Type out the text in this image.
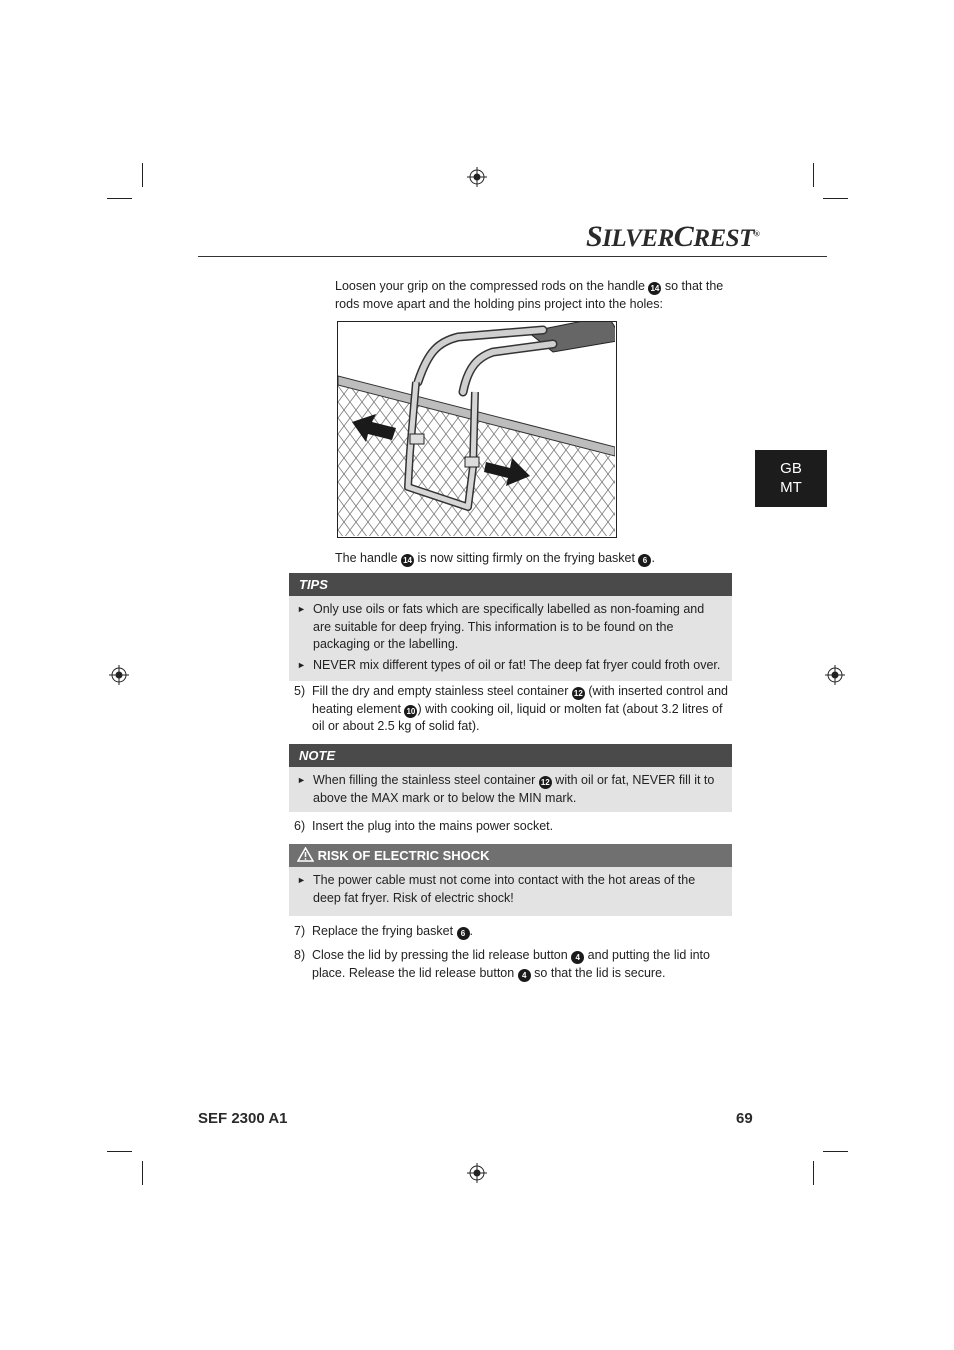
SILVERCREST®
GB
MT
Loosen your grip on the compressed rods on the handle 14 so that the rods move apart and the holding pins project into the holes:
The handle 14 is now sitting firmly on the frying basket 6 .
TIPS
► Only use oils or fats which are specifically labelled as non-foaming and are suitable for deep frying. This information is to be found on the packaging or the labelling.
► NEVER mix different types of oil or fat! The deep fat fryer could froth over.
5) Fill the dry and empty stainless steel container 12 (with inserted control and heating element 10 ) with cooking oil, liquid or molten fat (about 3.2 litres of oil or about 2.5 kg of solid fat).
NOTE
► When filling the stainless steel container 12 with oil or fat, NEVER fill it to above the MAX mark or to below the MIN mark.
6) Insert the plug into the mains power socket.
RISK OF ELECTRIC SHOCK
► The power cable must not come into contact with the hot areas of the deep fat fryer. Risk of electric shock!
7) Replace the frying basket 6 .
8) Close the lid by pressing the lid release button 4 and putting the lid into place. Release the lid release button 4 so that the lid is secure.
SEF 2300 A1	69
